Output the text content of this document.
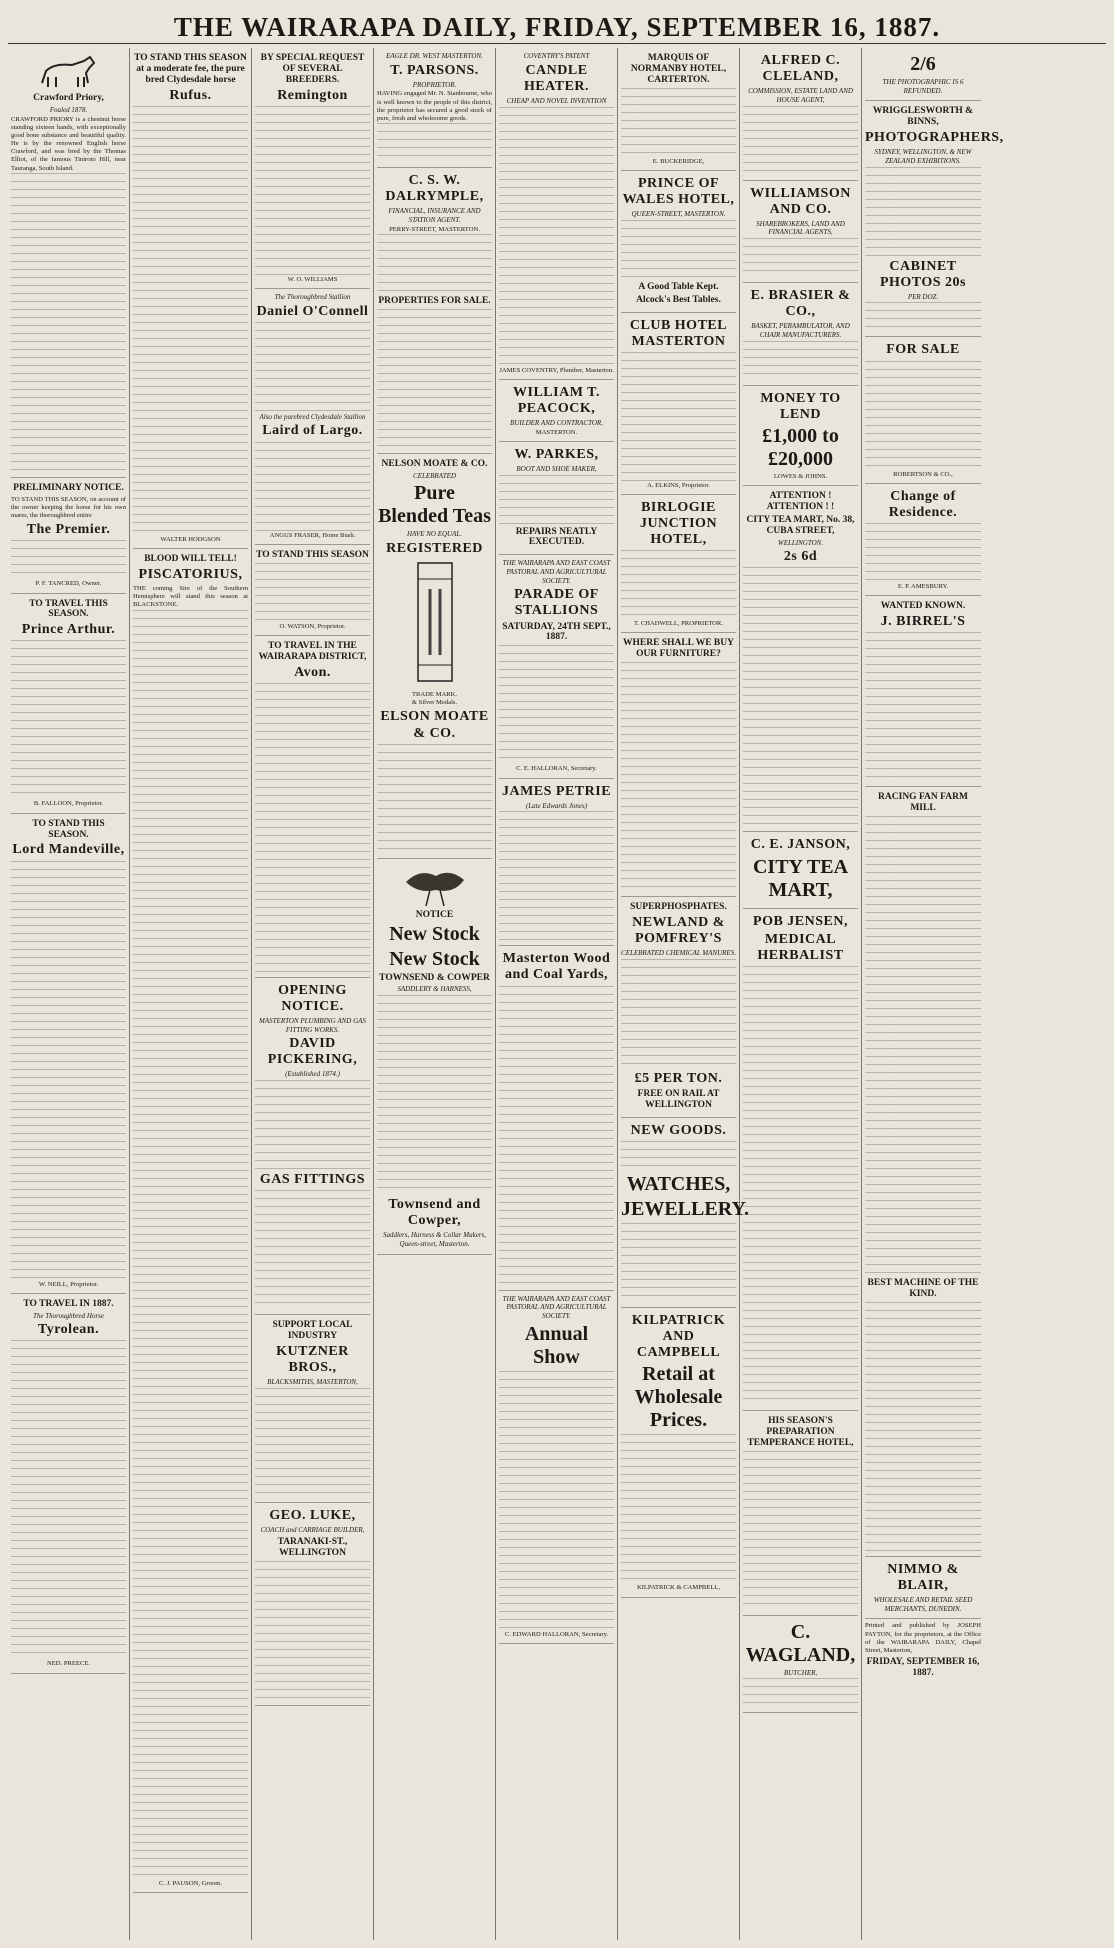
THE WAIRARAPA DAILY, FRIDAY, SEPTEMBER 16, 1887.
Crawford Priory,
Foaled 1878.
CRAWFORD PRIORY is a chestnut horse standing sixteen hands, with exceptionally good bone substance and beautiful quality. He is by the renowned English horse Crawford, and was bred by the Thomas Elliot, of the famous Tiniroto Hill, near Tauranga, South Island.
PRELIMINARY NOTICE.
TO STAND THIS SEASON, on account of the owner keeping the horse for his own mares, the thoroughbred entire
The Premier.
P. F. TANCRED, Owner.
TO TRAVEL THIS SEASON.
Prince Arthur.
B. FALLOON, Proprietor.
TO STAND THIS SEASON.
Lord Mandeville,
W. NEILL, Proprietor.
TO TRAVEL IN 1887.
The Thoroughbred Horse
Tyrolean.
NED. PREECE.
TO STAND THIS SEASON at a moderate fee, the pure bred Clydesdale horse
Rufus.
WALTER HODGSON
BLOOD WILL TELL!
PISCATORIUS,
THE coming Sire of the Southern Hemisphere will stand this season at BLACKSTONE.
C. J. PAUSON, Groom.
BY SPECIAL REQUEST OF SEVERAL BREEDERS.
Remington
W. O. WILLIAMS
The Thoroughbred Stallion
Daniel O'Connell
Also the purebred Clydesdale Stallion
Laird of Largo.
ANGUS FRASER, Home Bush.
TO STAND THIS SEASON
O. WATSON, Proprietor.
TO TRAVEL IN THE WAIRARAPA DISTRICT,
Avon.
OPENING NOTICE.
MASTERTON PLUMBING AND GAS FITTING WORKS.
DAVID PICKERING,
(Established 1874.)
GAS FITTINGS
SUPPORT LOCAL INDUSTRY
KUTZNER BROS.,
BLACKSMITHS, MASTERTON,
GEO. LUKE,
COACH and CARRIAGE BUILDER,
TARANAKI-ST., WELLINGTON
EAGLE DR. WEST MASTERTON.
T. PARSONS.
PROPRIETOR.
HAVING engaged Mr. N. Stanbourne, who is well known to the people of this district, the proprietor has secured a good stock of pure, fresh and wholesome goods.
C. S. W. DALRYMPLE,
FINANCIAL, INSURANCE AND STATION AGENT.
PERRY-STREET, MASTERTON.
PROPERTIES FOR SALE.
NELSON MOATE & CO.
CELEBRATED
Pure Blended Teas
HAVE NO EQUAL.
REGISTERED
TRADE MARK.
& Silver Medals.
ELSON MOATE & CO.
NOTICE
New Stock
New Stock
TOWNSEND & COWPER
SADDLERY & HARNESS,
Townsend and Cowper,
Saddlers, Harness & Collar Makers, Queen-street, Masterton.
COVENTRY'S PATENT
CANDLE HEATER.
CHEAP AND NOVEL INVENTION
JAMES COVENTRY, Plumber, Masterton.
WILLIAM T. PEACOCK,
BUILDER AND CONTRACTOR,
MASTERTON.
W. PARKES,
BOOT AND SHOE MAKER,
REPAIRS NEATLY EXECUTED.
THE WAIRARAPA AND EAST COAST PASTORAL AND AGRICULTURAL SOCIETY.
PARADE OF STALLIONS
SATURDAY, 24TH SEPT., 1887.
C. E. HALLORAN, Secretary.
JAMES PETRIE
(Late Edwards Jones)
Masterton Wood and Coal Yards,
THE WAIRARAPA AND EAST COAST PASTORAL AND AGRICULTURAL SOCIETY.
Annual Show
C. EDWARD HALLORAN, Secretary.
MARQUIS OF NORMANBY HOTEL, CARTERTON.
E. BUCKERIDGE,
PRINCE OF WALES HOTEL,
QUEEN-STREET, MASTERTON.
A Good Table Kept.
Alcock's Best Tables.
CLUB HOTEL MASTERTON
A. ELKINS, Proprietor.
BIRLOGIE JUNCTION HOTEL,
T. CHADWELL, PROPRIETOR.
WHERE SHALL WE BUY OUR FURNITURE?
SUPERPHOSPHATES.
NEWLAND & POMFREY'S
CELEBRATED CHEMICAL MANURES.
£5 PER TON.
FREE ON RAIL AT WELLINGTON
NEW GOODS.
WATCHES,
JEWELLERY.
KILPATRICK AND CAMPBELL
Retail at Wholesale Prices.
KILPATRICK & CAMPBELL,
ALFRED C. CLELAND,
COMMISSION, ESTATE LAND AND HOUSE AGENT,
WILLIAMSON AND CO.
SHAREBROKERS, LAND AND FINANCIAL AGENTS,
E. BRASIER & CO.,
BASKET, PERAMBULATOR, AND CHAIR MANUFACTURERS.
MONEY TO LEND
£1,000 to £20,000
LOWES & JOHNS.
ATTENTION ! ATTENTION ! !
CITY TEA MART, No. 38, CUBA STREET,
WELLINGTON.
2s 6d
C. E. JANSON,
CITY TEA MART,
POB JENSEN,
MEDICAL HERBALIST
HIS SEASON'S PREPARATION TEMPERANCE HOTEL,
C. WAGLAND,
BUTCHER,
2/6
THE PHOTOGRAPHIC IS 6 REFUNDED.
WRIGGLESWORTH & BINNS,
PHOTOGRAPHERS,
SYDNEY, WELLINGTON, & NEW ZEALAND EXHIBITIONS.
CABINET PHOTOS 20s
PER DOZ.
FOR SALE
ROBERTSON & CO.,
Change of Residence.
E. P. AMESBURY.
WANTED KNOWN.
J. BIRREL'S
RACING FAN FARM MILL
BEST MACHINE OF THE KIND.
NIMMO & BLAIR,
WHOLESALE AND RETAIL SEED MERCHANTS, DUNEDIN.
Printed and published by JOSEPH PAYTON, for the proprietors, at the Office of the WAIRARAPA DAILY, Chapel Street, Masterton,
FRIDAY, SEPTEMBER 16, 1887.
